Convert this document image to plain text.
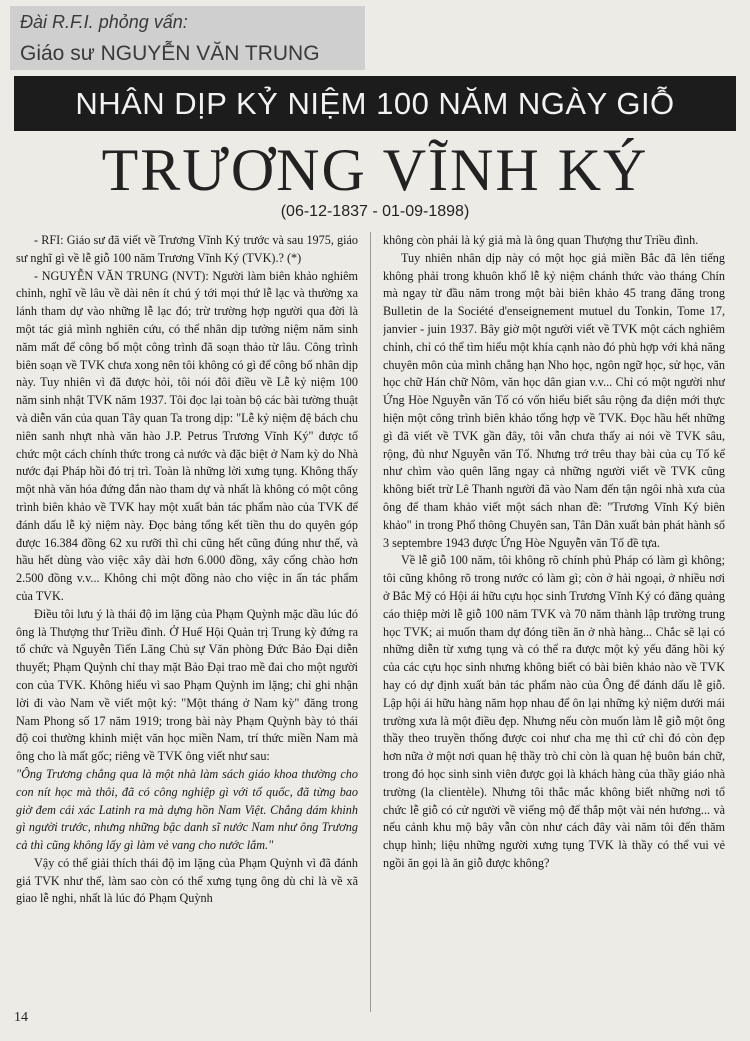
Đài R.F.I. phỏng vấn:
Giáo sư NGUYỄN VĂN TRUNG
NHÂN DỊP KỶ NIỆM 100 NĂM NGÀY GIỖ
TRƯƠNG VĨNH KÝ
(06-12-1837 - 01-09-1898)

- RFI: Giáo sư đã viết về Trương Vĩnh Ký trước và sau 1975, giáo sư nghĩ gì về lễ giỗ 100 năm Trương Vĩnh Ký (TVK).? (*)

- NGUYỄN VĂN TRUNG (NVT): Người làm biên khảo nghiêm chỉnh, nghĩ về lâu về dài nên ít chú ý tới mọi thứ lễ lạc và thường xa lánh tham dự vào những lễ lạc đó; trừ trường hợp người qua đời là một tác giả mình nghiên cứu, có thể nhân dịp tưởng niệm năm sinh năm mất để công bố một công trình đã soạn thảo từ lâu. Công trình biên soạn về TVK chưa xong nên tôi không có gì để công bố nhân dịp này. Tuy nhiên vì đã được hỏi, tôi nói đôi điều về Lễ kỷ niệm 100 năm sinh nhật TVK năm 1937. Tôi đọc lại toàn bộ các bài tường thuật và diễn văn của quan Tây quan Ta trong dịp: "Lễ kỷ niệm đệ bách chu niên sanh nhựt nhà văn hào J.P. Petrus Trương Vĩnh Ký" được tổ chức một cách chính thức trong cả nước và đặc biệt ở Nam kỳ do Nhà nước đại Pháp hồi đó trị trì. Toàn là những lời xưng tụng. Không thấy một nhà văn hóa đứng đắn nào tham dự và nhất là không có một công trình biên khảo về TVK hay một xuất bản tác phẩm nào của TVK để đánh dấu lễ kỷ niệm này. Đọc bảng tổng kết tiền thu do quyên góp được 16.384 đồng 62 xu rưỡi thì chi cũng hết cũng đúng như thế, và hầu hết dùng vào việc xây dài hơn 6.000 đồng, xây cổng chào hơn 2.500 đồng v.v... Không chi một đồng nào cho việc in ấn tác phẩm của TVK.

Điều tôi lưu ý là thái độ im lặng của Phạm Quỳnh mặc dầu lúc đó ông là Thượng thư Triều đình. Ở Huế Hội Quản trị Trung kỳ đứng ra tổ chức và Nguyễn Tiến Lãng Chủ sự Văn phòng Đức Bảo Đại diễn thuyết; Phạm Quỳnh chỉ thay mặt Bảo Đại trao mề đai cho một người con của TVK. Không hiểu vì sao Phạm Quỳnh im lặng; chỉ ghi nhận lời đi vào Nam về viết một ký: "Một tháng ở Nam kỳ" đăng trong Nam Phong số 17 năm 1919; trong bài này Phạm Quỳnh bày tỏ thái độ coi thường khinh miệt văn học miền Nam, trí thức miền Nam mà ông cho là mất gốc; riêng về TVK ông viết như sau:

"Ông Trương chẳng qua là một nhà làm sách giáo khoa thường cho con nít học mà thôi, đã có công nghiệp gì với tổ quốc, đã từng bao giờ đem cái xác Latinh ra mà dựng hồn Nam Việt. Chẳng dám khinh gì người trước, nhưng những bậc danh sĩ nước Nam như ông Trương cả thì cũng không lấy gì làm vẻ vang cho nước lắm."

Vậy có thể giải thích thái độ im lặng của Phạm Quỳnh vì đã đánh giá TVK như thế, làm sao còn có thể xưng tụng ông dù chỉ là về xã giao lễ nghi, nhất là lúc đó Phạm Quỳnh

không còn phải là ký giả mà là ông quan Thượng thư Triều đình.

Tuy nhiên nhân dịp này có một học giả miền Bắc đã lên tiếng không phải trong khuôn khổ lễ kỷ niệm chánh thức vào tháng Chín mà ngay từ đầu năm trong một bài biên khảo 45 trang đăng trong Bulletin de la Société d'enseignement mutuel du Tonkin, Tome 17, janvier - juin 1937. Bây giờ một người viết về TVK một cách nghiêm chỉnh, chỉ có thể tìm hiểu một khía cạnh nào đó phù hợp với khả năng chuyên môn của mình chẳng hạn Nho học, ngôn ngữ học, sử học, văn học chữ Hán chữ Nôm, văn học dân gian v.v... Chỉ có một người như Ứng Hòe Nguyễn văn Tố có vốn hiểu biết sâu rộng đa diện mới thực hiện một công trình biên khảo tổng hợp về TVK. Đọc hầu hết những gì đã viết về TVK gần đây, tôi vẫn chưa thấy ai nói về TVK sâu, rộng, đủ như Nguyễn văn Tố. Nhưng trớ trêu thay bài của cụ Tố kể như chìm vào quên lãng ngay cả những người viết về TVK cũng không biết trừ Lê Thanh người đã vào Nam đến tận ngôi nhà xưa của ông để tham khảo viết một sách nhan đề: "Trương Vĩnh Ký biên khảo" in trong Phổ thông Chuyên san, Tân Dân xuất bản phát hành số 3 septembre 1943 được Ứng Hòe Nguyễn văn Tố đề tựa.

Về lễ giỗ 100 năm, tôi không rõ chính phủ Pháp có làm gì không; tôi cũng không rõ trong nước có làm gì; còn ở hải ngoại, ở nhiều nơi ở Bắc Mỹ có Hội ái hữu cựu học sinh Trương Vĩnh Ký có đăng quảng cáo thiệp mời lễ giỗ 100 năm TVK và 70 năm thành lập trường trung học TVK; ai muốn tham dự đóng tiền ăn ở nhà hàng... Chắc sẽ lại có những diễn từ xưng tụng và có thể ra được một kỷ yếu đăng hồi ký của các cựu học sinh nhưng không biết có bài biên khảo nào về TVK hay có dự định xuất bản tác phẩm nào của Ông để đánh dấu lễ giỗ. Lập hội ái hữu hàng năm họp nhau để ôn lại những kỷ niệm dưới mái trường xưa là một điều đẹp. Nhưng nếu còn muốn làm lễ giỗ một ông thầy theo truyền thống được coi như cha mẹ thì cứ chỉ đó còn đẹp hơn nữa ở một nơi quan hệ thầy trò chỉ còn là quan hệ buôn bán chữ, trong đó học sinh sinh viên được gọi là khách hàng của thầy giáo nhà trường (la clientèle). Nhưng tôi thắc mắc không biết những nơi tổ chức lễ giỗ có cử người về viếng mộ để thắp một vài nén hương... và nếu cảnh khu mộ bây vẫn còn như cách đây vài năm tôi đến thăm chụp hình; liệu những người xưng tụng TVK là thầy có thể vui vẻ ngồi ăn gọi là ăn giỗ được không?

14
